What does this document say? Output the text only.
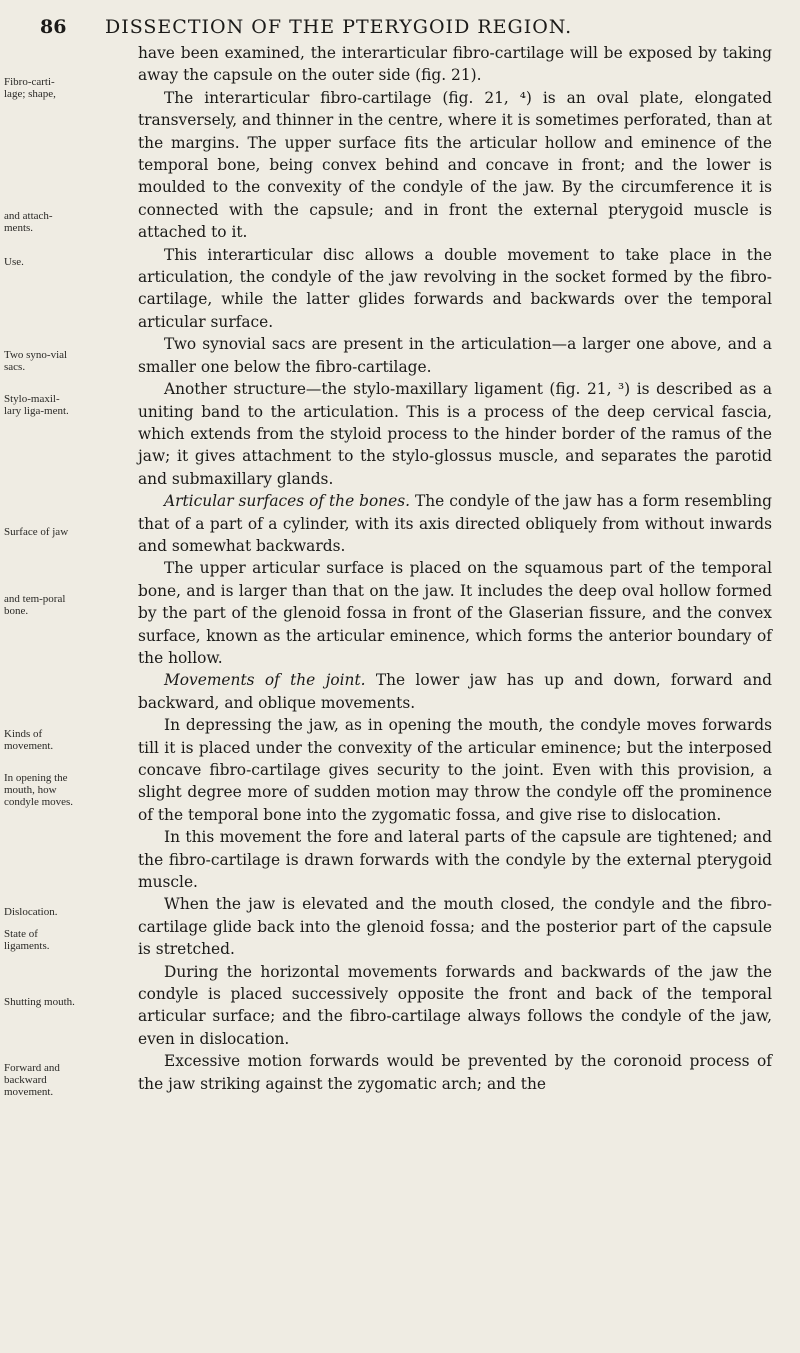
86 DISSECTION OF THE PTERYGOID REGION.
Fibro-carti-lage; shape,
and attach-ments.
Use.
Two syno-vial sacs.
Stylo-maxil-lary liga-ment.
Surface of jaw
and tem-poral bone.
Kinds of movement.
In opening the mouth, how condyle moves.
Dislocation.
State of ligaments.
Shutting mouth.
Forward and backward movement.

have been examined, the interarticular fibro-cartilage will be exposed by taking away the capsule on the outer side (fig. 21).

The interarticular fibro-cartilage (fig. 21, ⁴) is an oval plate, elongated transversely, and thinner in the centre, where it is sometimes perforated, than at the margins. The upper surface fits the articular hollow and eminence of the temporal bone, being convex behind and concave in front; and the lower is moulded to the convexity of the condyle of the jaw. By the circumference it is connected with the capsule; and in front the external pterygoid muscle is attached to it.

This interarticular disc allows a double movement to take place in the articulation, the condyle of the jaw revolving in the socket formed by the fibro-cartilage, while the latter glides forwards and backwards over the temporal articular surface.

Two synovial sacs are present in the articulation—a larger one above, and a smaller one below the fibro-cartilage.

Another structure—the stylo-maxillary ligament (fig. 21, ³) is described as a uniting band to the articulation. This is a process of the deep cervical fascia, which extends from the styloid process to the hinder border of the ramus of the jaw; it gives attachment to the stylo-glossus muscle, and separates the parotid and submaxillary glands.

Articular surfaces of the bones. The condyle of the jaw has a form resembling that of a part of a cylinder, with its axis directed obliquely from without inwards and somewhat backwards.

The upper articular surface is placed on the squamous part of the temporal bone, and is larger than that on the jaw. It includes the deep oval hollow formed by the part of the glenoid fossa in front of the Glaserian fissure, and the convex surface, known as the articular eminence, which forms the anterior boundary of the hollow.

Movements of the joint. The lower jaw has up and down, forward and backward, and oblique movements.

In depressing the jaw, as in opening the mouth, the condyle moves forwards till it is placed under the convexity of the articular eminence; but the interposed concave fibro-cartilage gives security to the joint. Even with this provision, a slight degree more of sudden motion may throw the condyle off the prominence of the temporal bone into the zygomatic fossa, and give rise to dislocation.

In this movement the fore and lateral parts of the capsule are tightened; and the fibro-cartilage is drawn forwards with the condyle by the external pterygoid muscle.

When the jaw is elevated and the mouth closed, the condyle and the fibro-cartilage glide back into the glenoid fossa; and the posterior part of the capsule is stretched.

During the horizontal movements forwards and backwards of the jaw the condyle is placed successively opposite the front and back of the temporal articular surface; and the fibro-cartilage always follows the condyle of the jaw, even in dislocation.

Excessive motion forwards would be prevented by the coronoid process of the jaw striking against the zygomatic arch; and the
